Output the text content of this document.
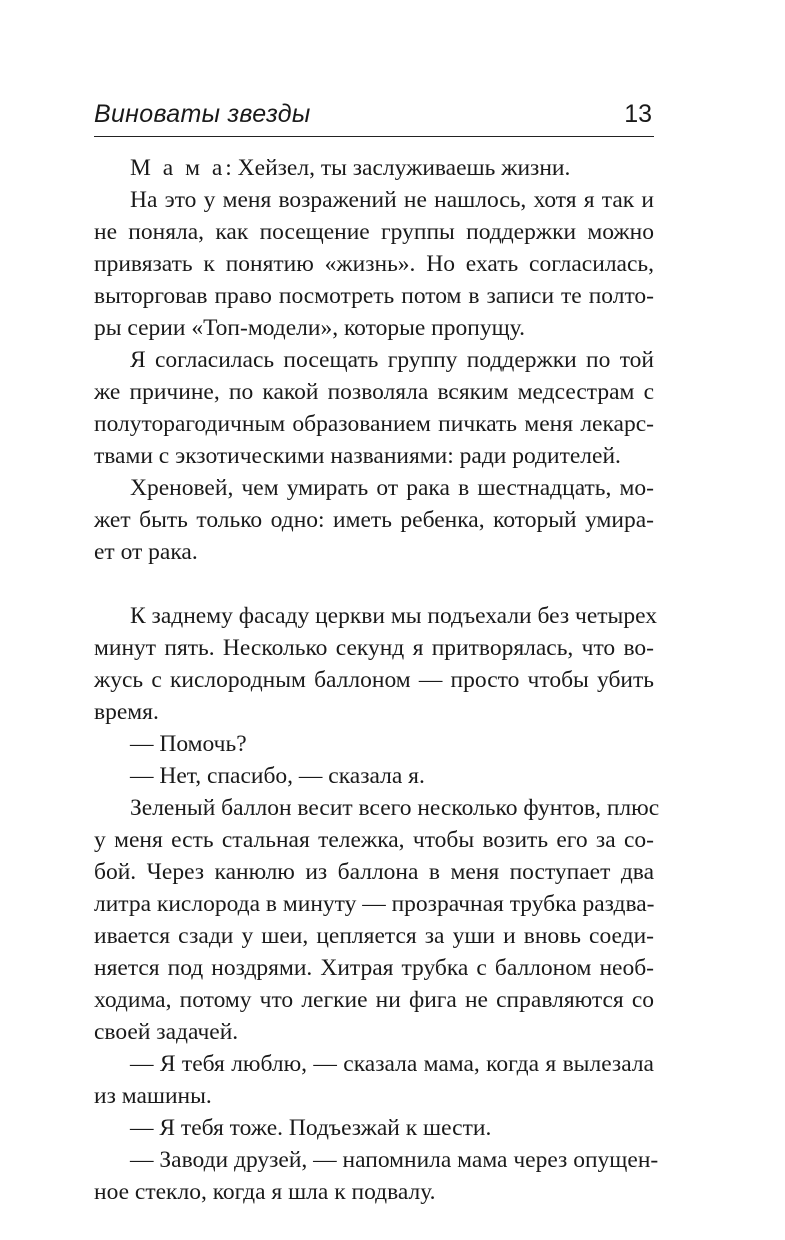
Виноваты звезды	13
М а м а: Хейзел, ты заслуживаешь жизни.
На это у меня возражений не нашлось, хотя я так и
не поняла, как посещение группы поддержки можно
привязать к понятию «жизнь». Но ехать согласилась,
выторговав право посмотреть потом в записи те полто-
ры серии «Топ-модели», которые пропущу.
Я согласилась посещать группу поддержки по той
же причине, по какой позволяла всяким медсестрам с
полуторагодичным образованием пичкать меня лекарс-
твами с экзотическими названиями: ради родителей.
Хреновей, чем умирать от рака в шестнадцать, мо-
жет быть только одно: иметь ребенка, который умира-
ет от рака.
К заднему фасаду церкви мы подъехали без четырех
минут пять. Несколько секунд я притворялась, что во-
жусь с кислородным баллоном — просто чтобы убить
время.
— Помочь?
— Нет, спасибо, — сказала я.
Зеленый баллон весит всего несколько фунтов, плюс
у меня есть стальная тележка, чтобы возить его за со-
бой. Через канюлю из баллона в меня поступает два
литра кислорода в минуту — прозрачная трубка раздва-
ивается сзади у шеи, цепляется за уши и вновь соеди-
няется под ноздрями. Хитрая трубка с баллоном необ-
ходима, потому что легкие ни фига не справляются со
своей задачей.
— Я тебя люблю, — сказала мама, когда я вылезала
из машины.
— Я тебя тоже. Подъезжай к шести.
— Заводи друзей, — напомнила мама через опущен-
ное стекло, когда я шла к подвалу.
